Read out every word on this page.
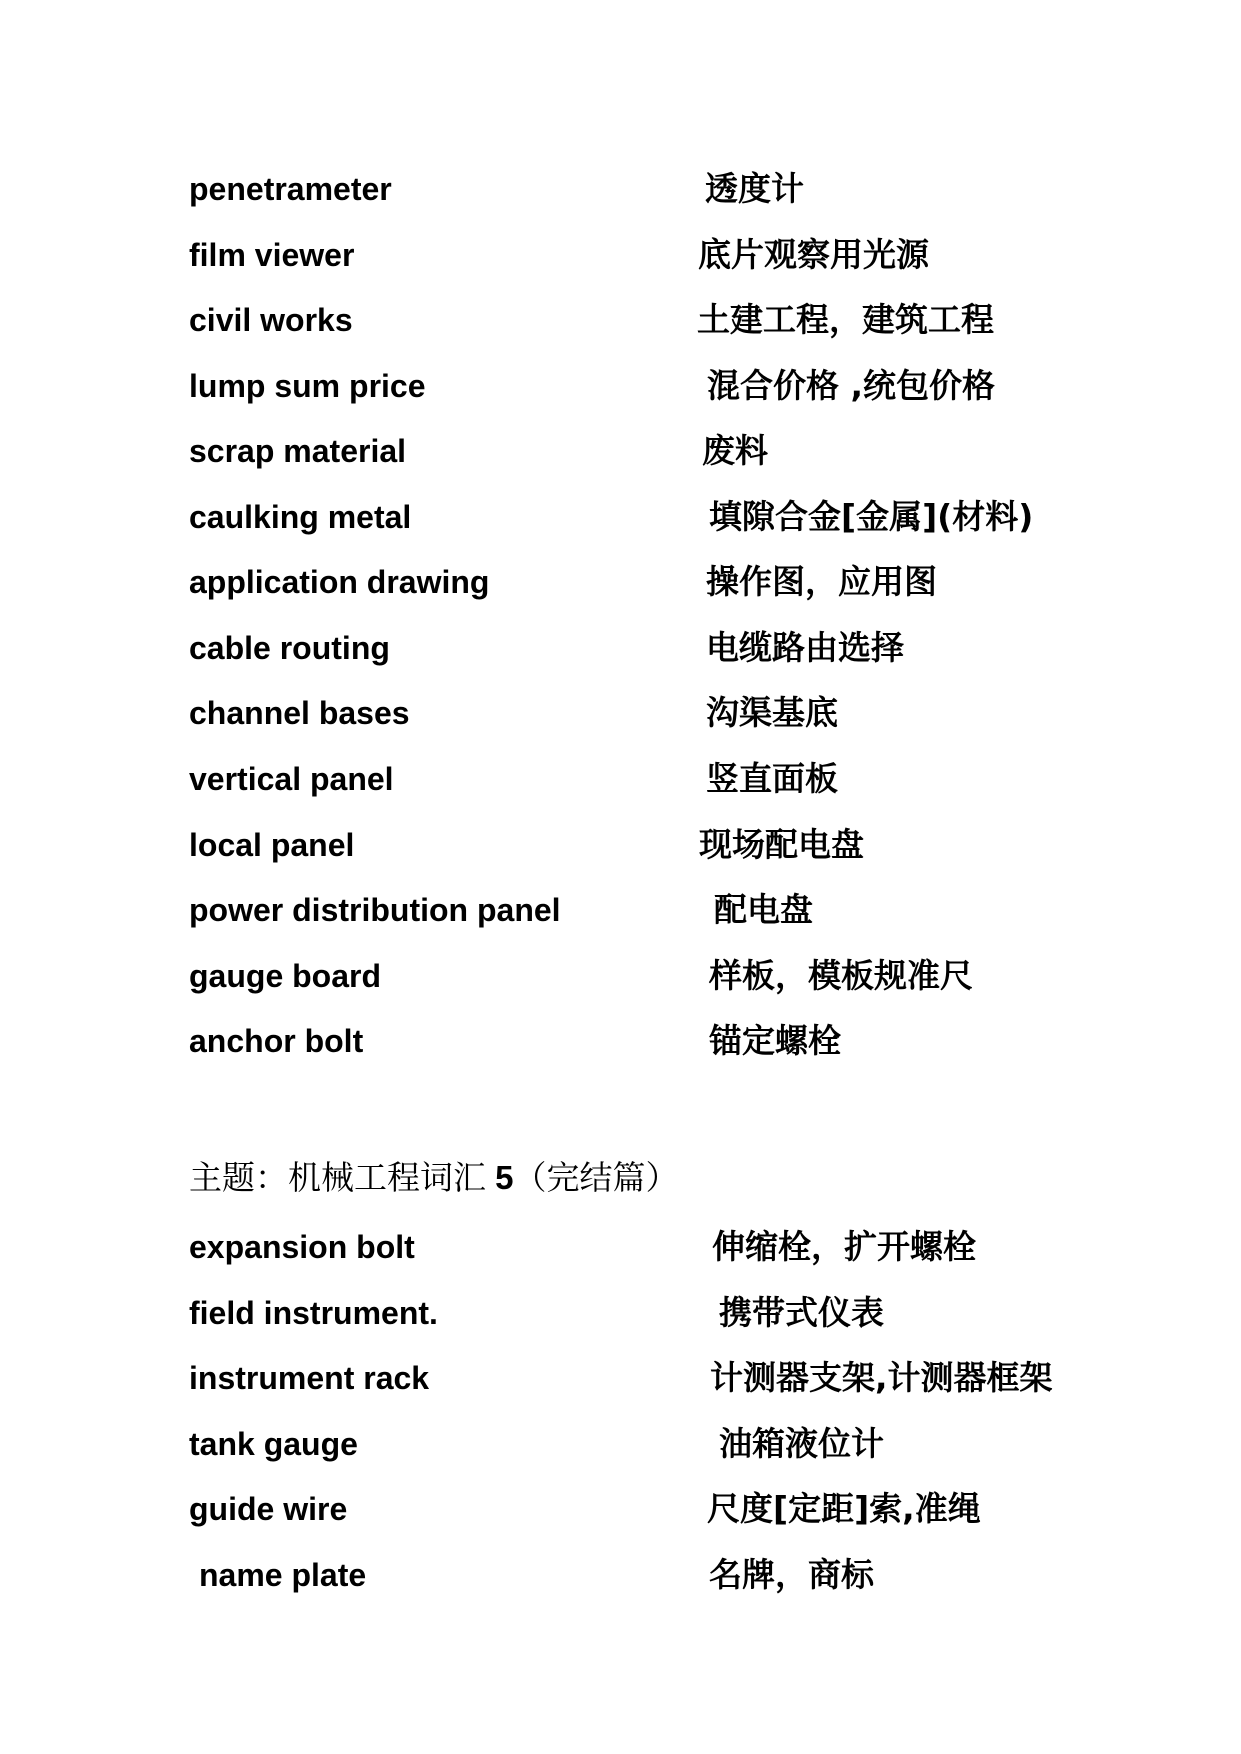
penetrameter	透度计
film viewer	底片观察用光源
civil works	土建工程，建筑工程
lump sum price	混合价格 ,统包价格
scrap material	废料
caulking metal	填隙合金[金属](材料)
application drawing	操作图，应用图
cable routing	电缆路由选择
channel bases	沟渠基底
vertical panel	竖直面板
local panel	现场配电盘
power distribution panel	配电盘
gauge board	样板，模板规准尺
anchor bolt	锚定螺栓
主题：机械工程词汇 5（完结篇）
expansion bolt	伸缩栓，扩开螺栓
field instrument.	携带式仪表
instrument rack	计测器支架,计测器框架
tank gauge	油箱液位计
guide wire	尺度[定距]索,准绳
name plate	名牌，商标
